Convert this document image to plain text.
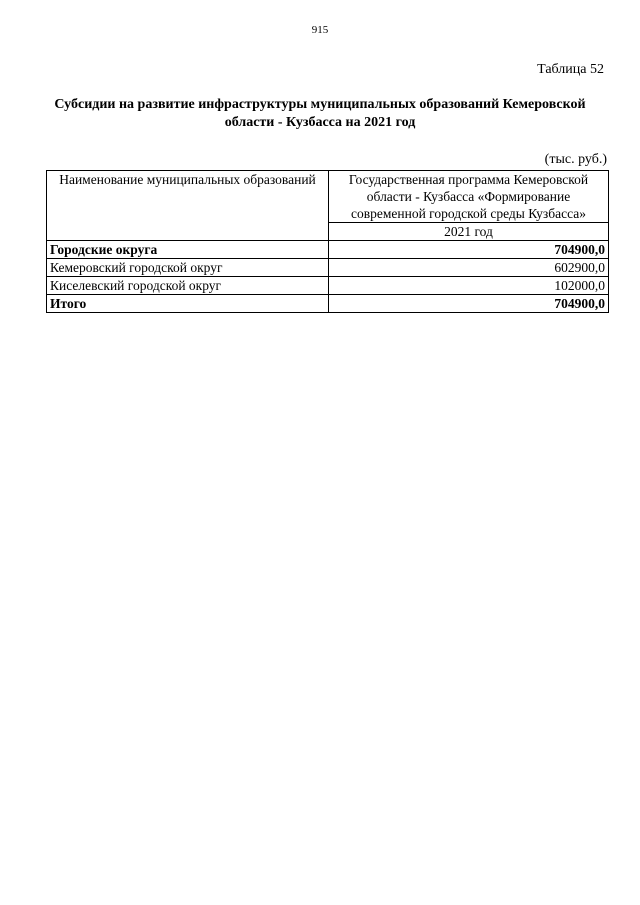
915
Таблица 52
Субсидии на развитие инфраструктуры муниципальных образований Кемеровской области - Кузбасса на 2021 год
(тыс. руб.)
Наименование муниципальных образований	Государственная программа Кемеровской области - Кузбасса «Формирование современной городской среды Кузбасса»
	2021 год
Городские округа	704900,0
Кемеровский городской округ	602900,0
Киселевский городской округ	102000,0
Итого	704900,0
